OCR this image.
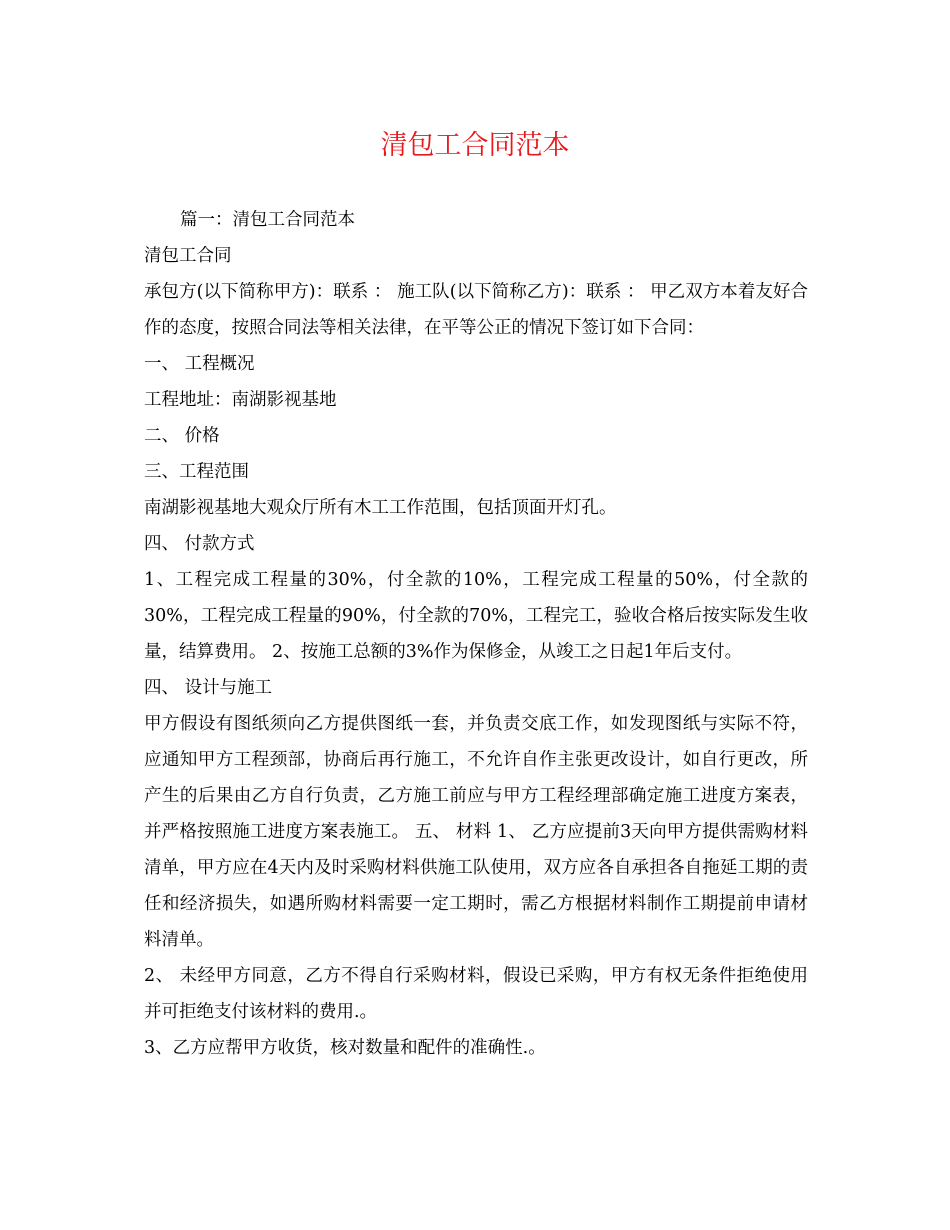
清包工合同范本

篇一：清包工合同范本

清包工合同

承包方(以下简称甲方)：联系 ： 施工队(以下简称乙方)：联系 ： 甲乙双方本着友好合作的态度，按照合同法等相关法律，在平等公正的情况下签订如下合同：

一、 工程概况

工程地址：南湖影视基地

二、 价格

三、工程范围

南湖影视基地大观众厅所有木工工作范围，包括顶面开灯孔。

四、 付款方式

1、工程完成工程量的30%，付全款的10%，工程完成工程量的50%，付全款的30%，工程完成工程量的90%，付全款的70%，工程完工，验收合格后按实际发生收量，结算费用。 2、按施工总额的3%作为保修金，从竣工之日起1年后支付。

四、 设计与施工

甲方假设有图纸须向乙方提供图纸一套，并负责交底工作，如发现图纸与实际不符，应通知甲方工程颈部，协商后再行施工，不允许自作主张更改设计，如自行更改，所产生的后果由乙方自行负责，乙方施工前应与甲方工程经理部确定施工进度方案表，并严格按照施工进度方案表施工。 五、 材料 1、 乙方应提前3天向甲方提供需购材料清单，甲方应在4天内及时采购材料供施工队使用，双方应各自承担各自拖延工期的责任和经济损失，如遇所购材料需要一定工期时，需乙方根据材料制作工期提前申请材料清单。

2、 未经甲方同意，乙方不得自行采购材料，假设已采购，甲方有权无条件拒绝使用并可拒绝支付该材料的费用.。

3、乙方应帮甲方收货，核对数量和配件的准确性.。
